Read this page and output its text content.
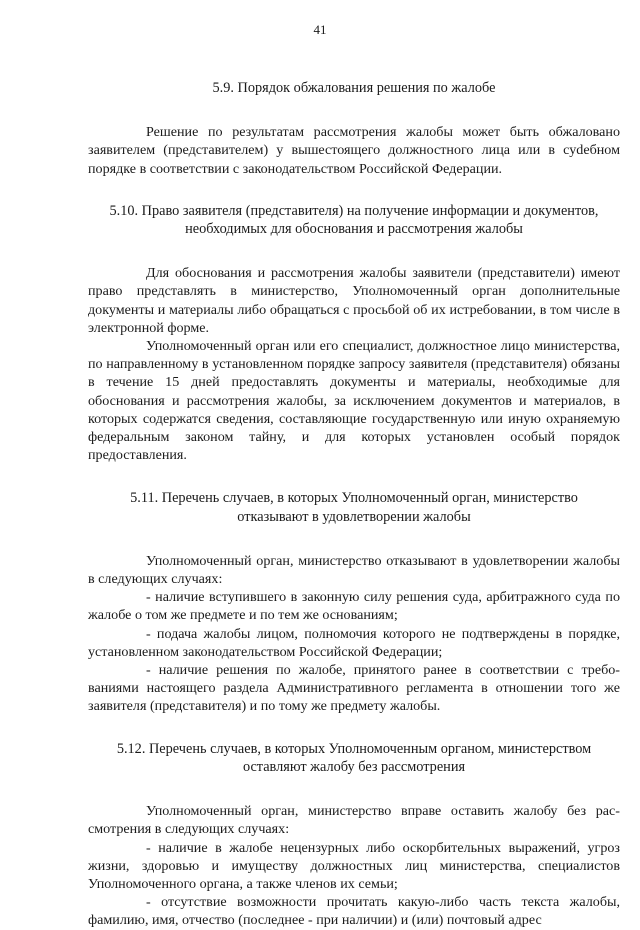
41

5.9. Порядок обжалования решения по жалобе

Решение по результатам рассмотрения жалобы может быть обжаловано заявителем (представителем) у вышестоящего должностного лица или в суdебном порядке в соответствии с законодательством Российской Федерации.

5.10. Право заявителя (представителя) на получение информации и документов, необходимых для обоснования и рассмотрения жалобы

Для обоснования и рассмотрения жалобы заявители (представители) имеют право представлять в министерство, Уполномоченный орган дополнительные документы и материалы либо обращаться с просьбой об их истребовании, в том числе в электронной форме.

Уполномоченный орган или его специалист, должностное лицо министерства, по направленному в установленном порядке запросу заявителя (представителя) обязаны в течение 15 дней предоставлять документы и материалы, необходимые для обоснования и рассмотрения жалобы, за исключением документов и материалов, в которых содержатся сведения, составляющие государственную или иную охраняемую федеральным законом тайну, и для которых установлен особый порядок предоставления.

5.11. Перечень случаев, в которых Уполномоченный орган, министерство отказывают в удовлетворении жалобы

Уполномоченный орган, министерство отказывают в удовлетворении жалобы в следующих случаях:

- наличие вступившего в законную силу решения суда, арбитражного суда по жалобе о том же предмете и по тем же основаниям;

- подача жалобы лицом, полномочия которого не подтверждены в порядке, установленном законодательством Российской Федерации;

- наличие решения по жалобе, принятого ранее в соответствии с требованиями настоящего раздела Административного регламента в отношении того же заявителя (представителя) и по тому же предмету жалобы.

5.12. Перечень случаев, в которых Уполномоченным органом, министерством оставляют жалобу без рассмотрения

Уполномоченный орган, министерство вправе оставить жалобу без рассмотрения в следующих случаях:

- наличие в жалобе нецензурных либо оскорбительных выражений, угроз жизни, здоровью и имуществу должностных лиц министерства, специалистов Уполномоченного органа, а также членов их семьи;

- отсутствие возможности прочитать какую-либо часть текста жалобы, фамилию, имя, отчество (последнее - при наличии) и (или) почтовый адрес
